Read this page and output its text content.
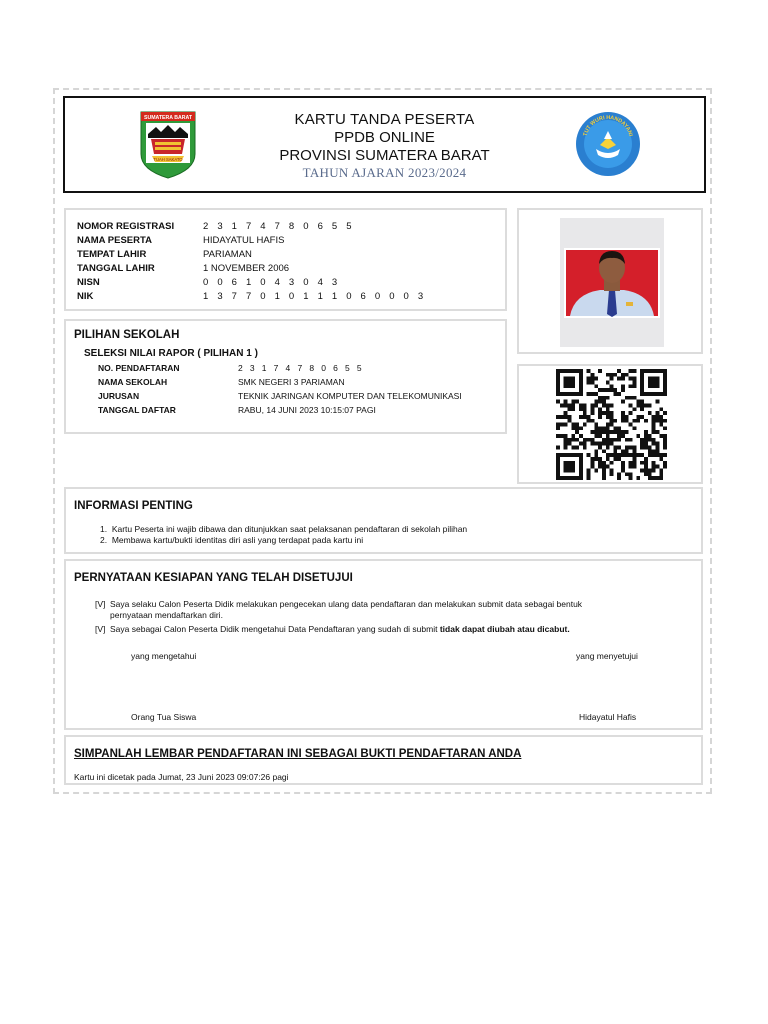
SUMATERA BARAT
TUAH SAKATO
KARTU TANDA PESERTA
PPDB ONLINE
PROVINSI SUMATERA BARAT
TAHUN AJARAN 2023/2024
TUT WURI HANDAYANI
NOMOR REGISTRASI	2 3 1 7 4 7 8 0 6 5 5
NAMA PESERTA	HIDAYATUL HAFIS
TEMPAT LAHIR	PARIAMAN
TANGGAL LAHIR	1 NOVEMBER 2006
NISN	0 0 6 1 0 4 3 0 4 3
NIK	1 3 7 7 0 1 0 1 1 1 0 6 0 0 0 3
PILIHAN SEKOLAH
SELEKSI NILAI RAPOR ( PILIHAN 1 )
NO. PENDAFTARAN	2 3 1 7 4 7 8 0 6 5 5
NAMA SEKOLAH	SMK NEGERI 3 PARIAMAN
JURUSAN	TEKNIK JARINGAN KOMPUTER DAN TELEKOMUNIKASI
TANGGAL DAFTAR	RABU, 14 JUNI 2023 10:15:07 PAGI
INFORMASI PENTING
1.  Kartu Peserta ini wajib dibawa dan ditunjukkan saat pelaksanan pendaftaran di sekolah pilihan
2.  Membawa kartu/bukti identitas diri asli yang terdapat pada kartu ini
PERNYATAAN KESIAPAN YANG TELAH DISETUJUI
[V] Saya selaku Calon Peserta Didik melakukan pengecekan ulang data pendaftaran dan melakukan submit data sebagai bentuk pernyataan mendaftarkan diri.
[V] Saya sebagai Calon Peserta Didik mengetahui Data Pendaftaran yang sudah di submit tidak dapat diubah atau dicabut.
yang mengetahui	yang menyetujui
Orang Tua Siswa	Hidayatul Hafis
SIMPANLAH LEMBAR PENDAFTARAN INI SEBAGAI BUKTI PENDAFTARAN ANDA
Kartu ini dicetak pada Jumat, 23 Juni 2023 09:07:26 pagi
